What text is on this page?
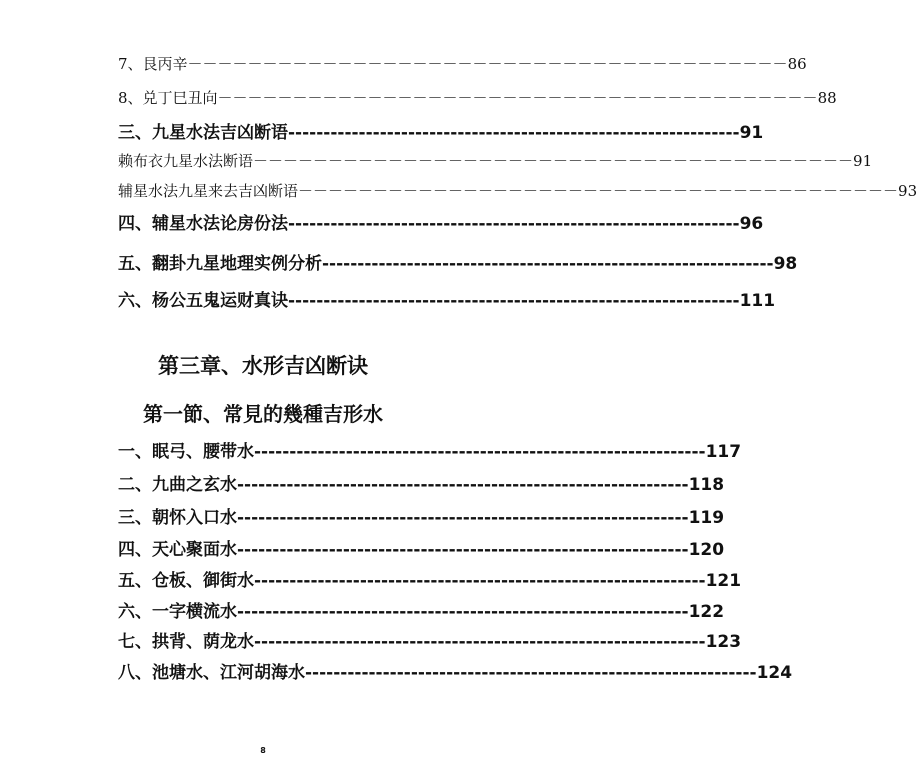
7、艮丙辛 －－－－－－－－－－－－－－－－－－－－－－－－－－－－－－－－－－－－－－－－ 86
8、兑丁巳丑向 －－－－－－－－－－－－－－－－－－－－－－－－－－－－－－－－－－－－－－－－ 88
三、九星水法吉凶断语 ---------------------------------------------------------------- 91
赖布衣九星水法断语 －－－－－－－－－－－－－－－－－－－－－－－－－－－－－－－－－－－－－－－－ 91
辅星水法九星来去吉凶断语 －－－－－－－－－－－－－－－－－－－－－－－－－－－－－－－－－－－－－－－－ 93
四、辅星水法论房份法 ---------------------------------------------------------------- 96
五、翻卦九星地理实例分析 ---------------------------------------------------------------- 98
六、杨公五鬼运财真诀 ---------------------------------------------------------------- 111
第三章、水形吉凶断诀
第一節、常見的幾種吉形水
一、眠弓、腰带水 ---------------------------------------------------------------- 117
二、九曲之玄水 ---------------------------------------------------------------- 118
三、朝怀入口水 ---------------------------------------------------------------- 119
四、天心聚面水 ---------------------------------------------------------------- 120
五、仓板、御街水 ---------------------------------------------------------------- 121
六、一字横流水 ---------------------------------------------------------------- 122
七、拱背、荫龙水 ---------------------------------------------------------------- 123
八、池塘水、江河胡海水 ---------------------------------------------------------------- 124
8
